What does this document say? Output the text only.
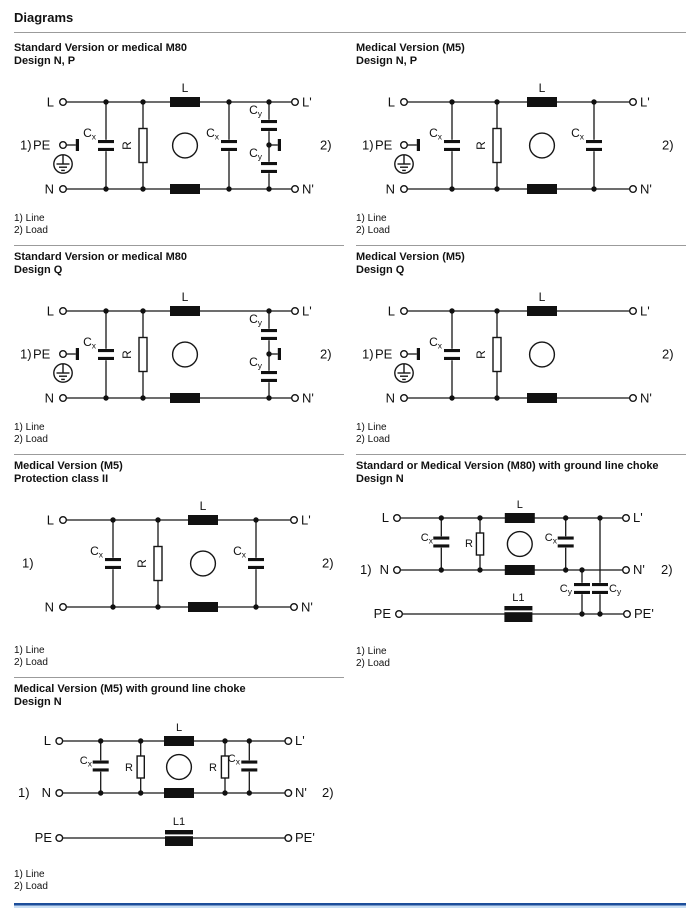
Diagrams
Standard Version or medical M80
Design N, P
L
N
1) PE
$C_x$
R
L
$C_x$
$C_y$
$C_y$
L'
N'
2)
1) Line
2) Load
Medical Version (M5)
Design N, P
L
N
1) PE
$C_x$
R
L
$C_x$
L'
N'
2)
1) Line
2) Load
Standard Version or medical M80
Design Q
L
N
1) PE
$C_x$
R
L
$C_y$
$C_y$
L'
N'
2)
1) Line
2) Load
Medical Version (M5)
Design Q
L
N
1) PE
$C_x$
R
L
L'
N'
2)
1) Line
2) Load
Medical Version (M5)
Protection class II
L
N
1)
$C_x$
R
L
$C_x$
L'
N'
2)
1) Line
2) Load
Standard or Medical Version (M80) with ground line choke
Design N
L
1) N
PE
$C_x$	R
L
$C_x$
$C_y$	$C_y$
L1
L'
N' 2)
PE'
1) Line
2) Load
Medical Version (M5) with ground line choke
Design N
L
1) N
PE
$C_x$	R
L
R
$C_x$
L1
L'
N' 2)
PE'
1) Line
2) Load
